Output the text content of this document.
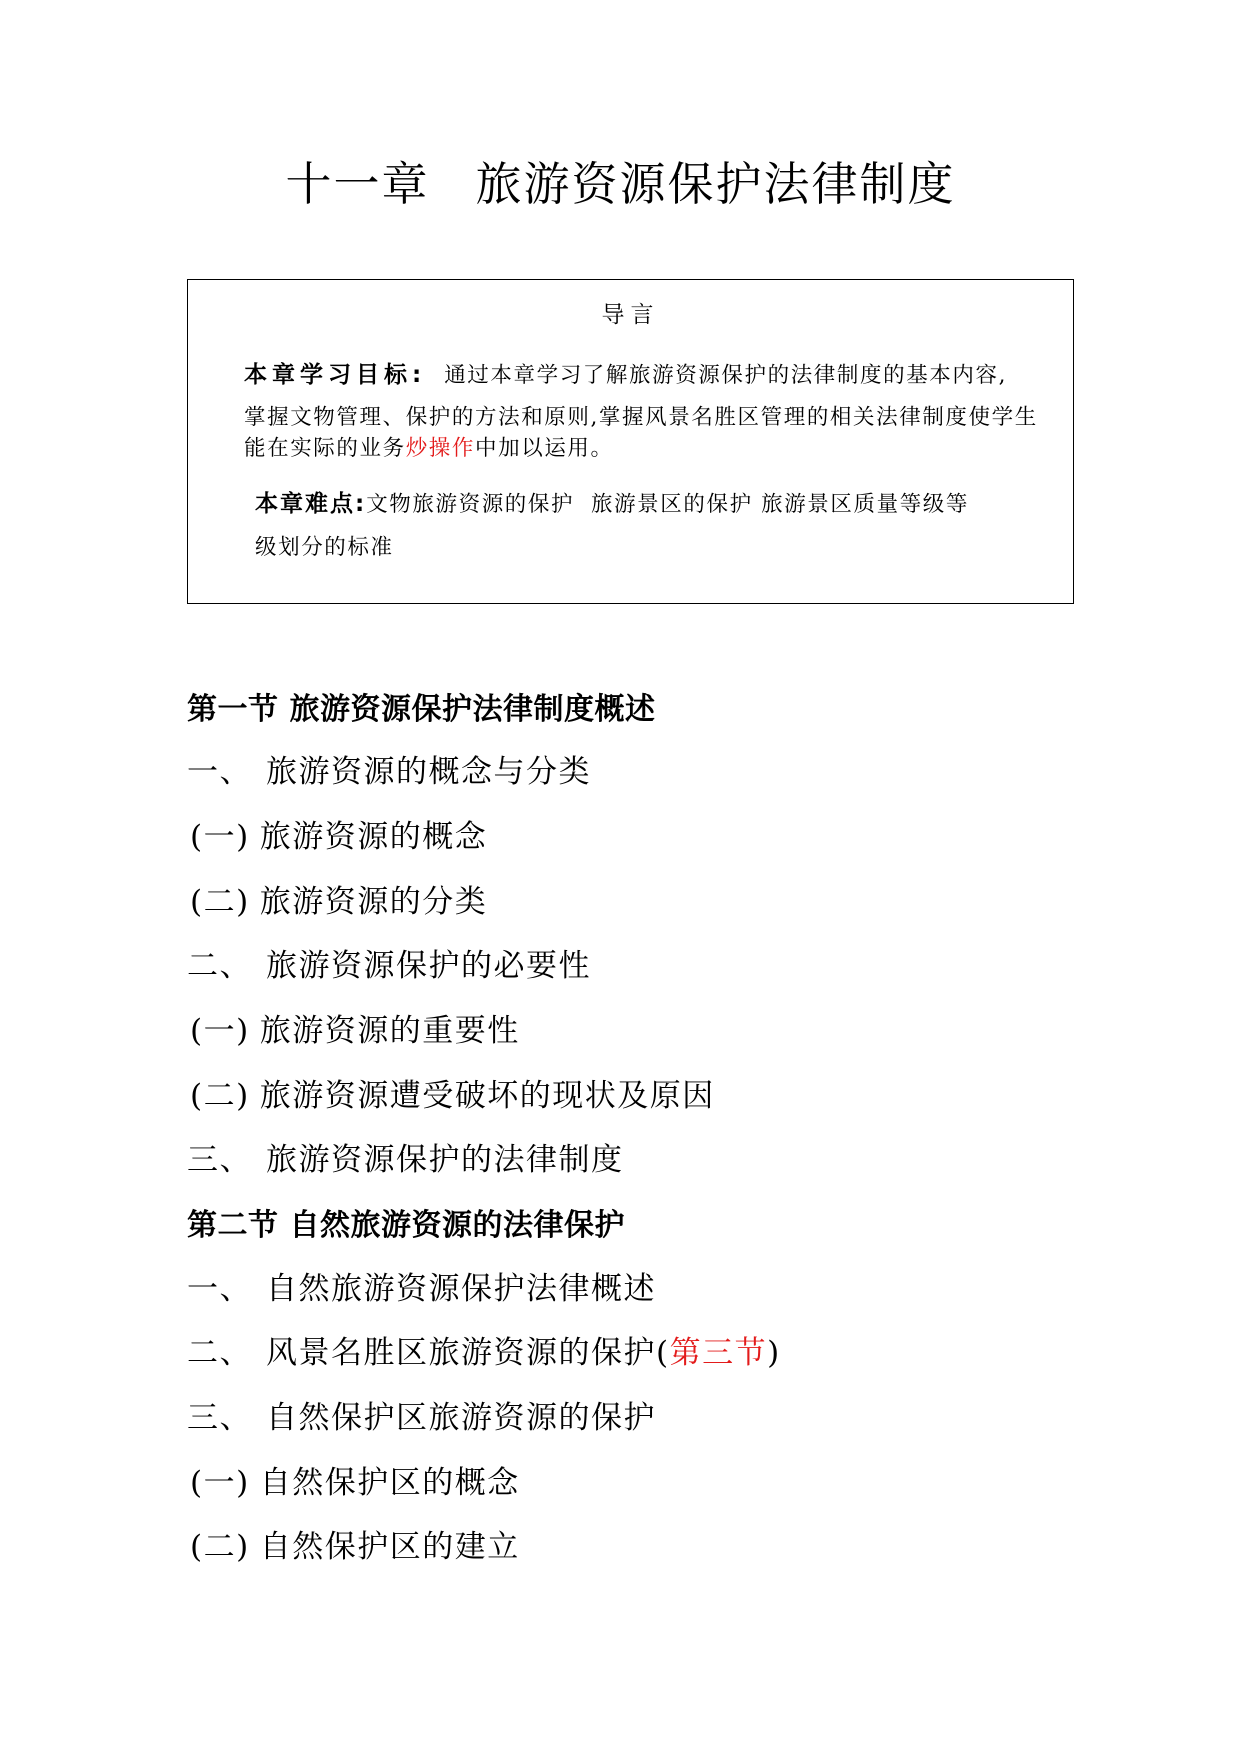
十一章 旅游资源保护法律制度
导言
本章学习目标: 通过本章学习了解旅游资源保护的法律制度的基本内容,
掌握文物管理、保护的方法和原则,掌握风景名胜区管理的相关法律制度使学生
能在实际的业务炒操作中加以运用。
本章难点:文物旅游资源的保护  旅游景区的保护 旅游景区质量等级等
级划分的标准
第一节 旅游资源保护法律制度概述
一、 旅游资源的概念与分类
(一) 旅游资源的概念
(二) 旅游资源的分类
二、 旅游资源保护的必要性
(一) 旅游资源的重要性
(二) 旅游资源遭受破坏的现状及原因
三、 旅游资源保护的法律制度
第二节 自然旅游资源的法律保护
一、 自然旅游资源保护法律概述
二、 风景名胜区旅游资源的保护(第三节)
三、 自然保护区旅游资源的保护
(一) 自然保护区的概念
(二) 自然保护区的建立
